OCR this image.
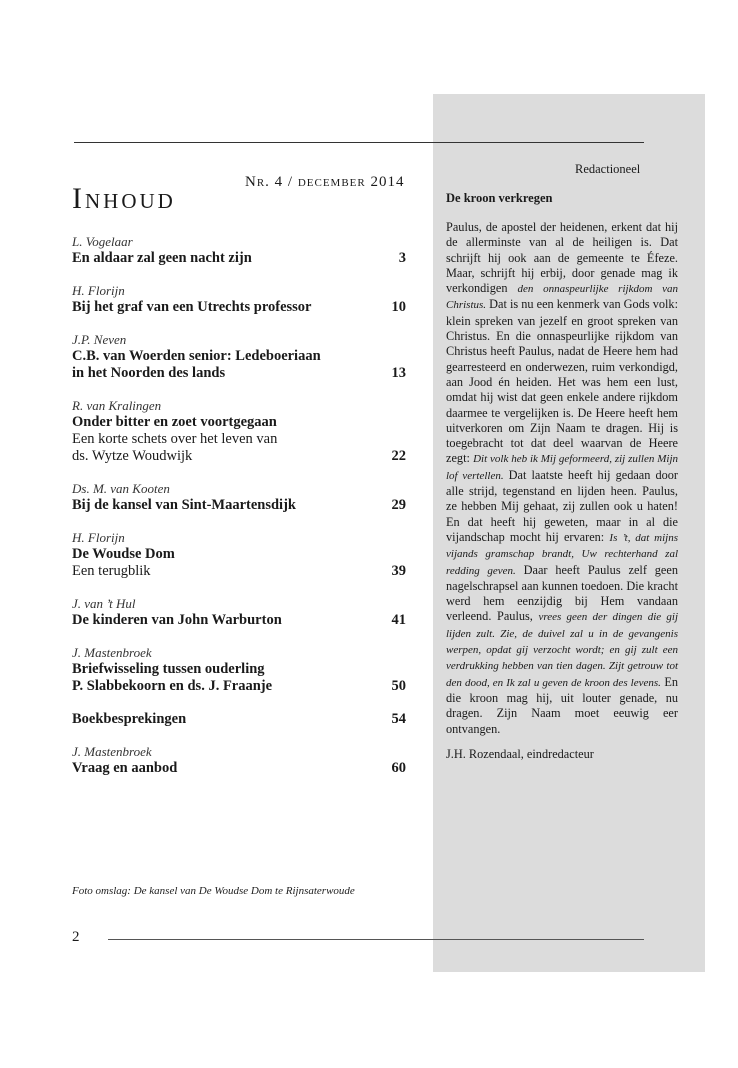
Inhoud
Nr. 4 / december 2014
L. Vogelaar
En aldaar zal geen nacht zijn	3
H. Florijn
Bij het graf van een Utrechts professor	10
J.P. Neven
C.B. van Woerden senior: Ledeboeriaan
in het Noorden des lands	13
R. van Kralingen
Onder bitter en zoet voortgegaan
Een korte schets over het leven van
ds. Wytze Woudwijk	22
Ds. M. van Kooten
Bij de kansel van Sint-Maartensdijk	29
H. Florijn
De Woudse Dom
Een terugblik	39
J. van ’t Hul
De kinderen van John Warburton	41
J. Mastenbroek
Briefwisseling tussen ouderling
P. Slabbekoorn en ds. J. Fraanje	50
Boekbesprekingen	54
J. Mastenbroek
Vraag en aanbod	60
Foto omslag: De kansel van De Woudse Dom te Rijnsaterwoude
2
Redactioneel
De kroon verkregen

Paulus, de apostel der heidenen, erkent dat hij de allerminste van al de heiligen is. Dat schrijft hij ook aan de gemeente te Éfeze. Maar, schrijft hij erbij, door genade mag ik verkondigen den onnaspeurlijke rijkdom van Christus. Dat is nu een kenmerk van Gods volk: klein spreken van jezelf en groot spreken van Christus. En die onnaspeurlijke rijkdom van Christus heeft Paulus, nadat de Heere hem had gearresteerd en onderwezen, ruim verkondigd, aan Jood én heiden. Het was hem een lust, omdat hij wist dat geen enkele andere rijkdom daarmee te vergelijken is. De Heere heeft hem uitverkoren om Zijn Naam te dragen. Hij is toegebracht tot dat deel waarvan de Heere zegt: Dit volk heb ik Mij geformeerd, zij zullen Mijn lof vertellen. Dat laatste heeft hij gedaan door alle strijd, tegenstand en lijden heen. Paulus, ze hebben Mij gehaat, zij zullen ook u haten! En dat heeft hij geweten, maar in al die vijandschap mocht hij ervaren: Is ’t, dat mijns vijands gramschap brandt, Uw rechterhand zal redding geven. Daar heeft Paulus zelf geen nagelschrapsel aan kunnen toedoen. Die kracht werd hem eenzijdig bij Hem vandaan verleend. Paulus, vrees geen der dingen die gij lijden zult. Zie, de duivel zal u in de gevangenis werpen, opdat gij verzocht wordt; en gij zult een verdrukking hebben van tien dagen. Zijt getrouw tot den dood, en Ik zal u geven de kroon des levens. En die kroon mag hij, uit louter genade, nu dragen. Zijn Naam moet eeuwig eer ontvangen.

J.H. Rozendaal, eindredacteur
